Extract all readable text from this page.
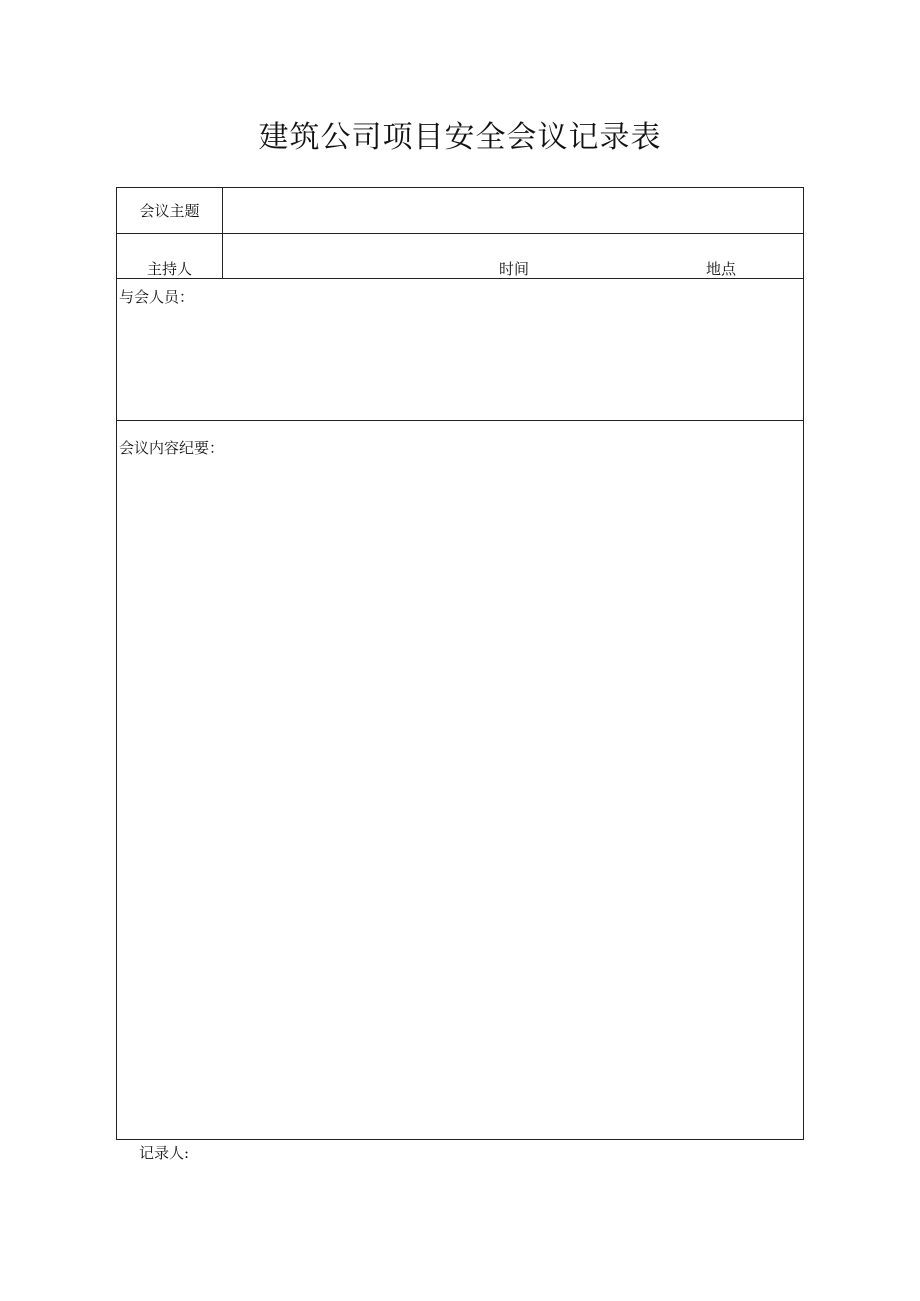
建筑公司项目安全会议记录表
会议主题
主持人	时间	地点
与会人员：
会议内容纪要：
记录人:
